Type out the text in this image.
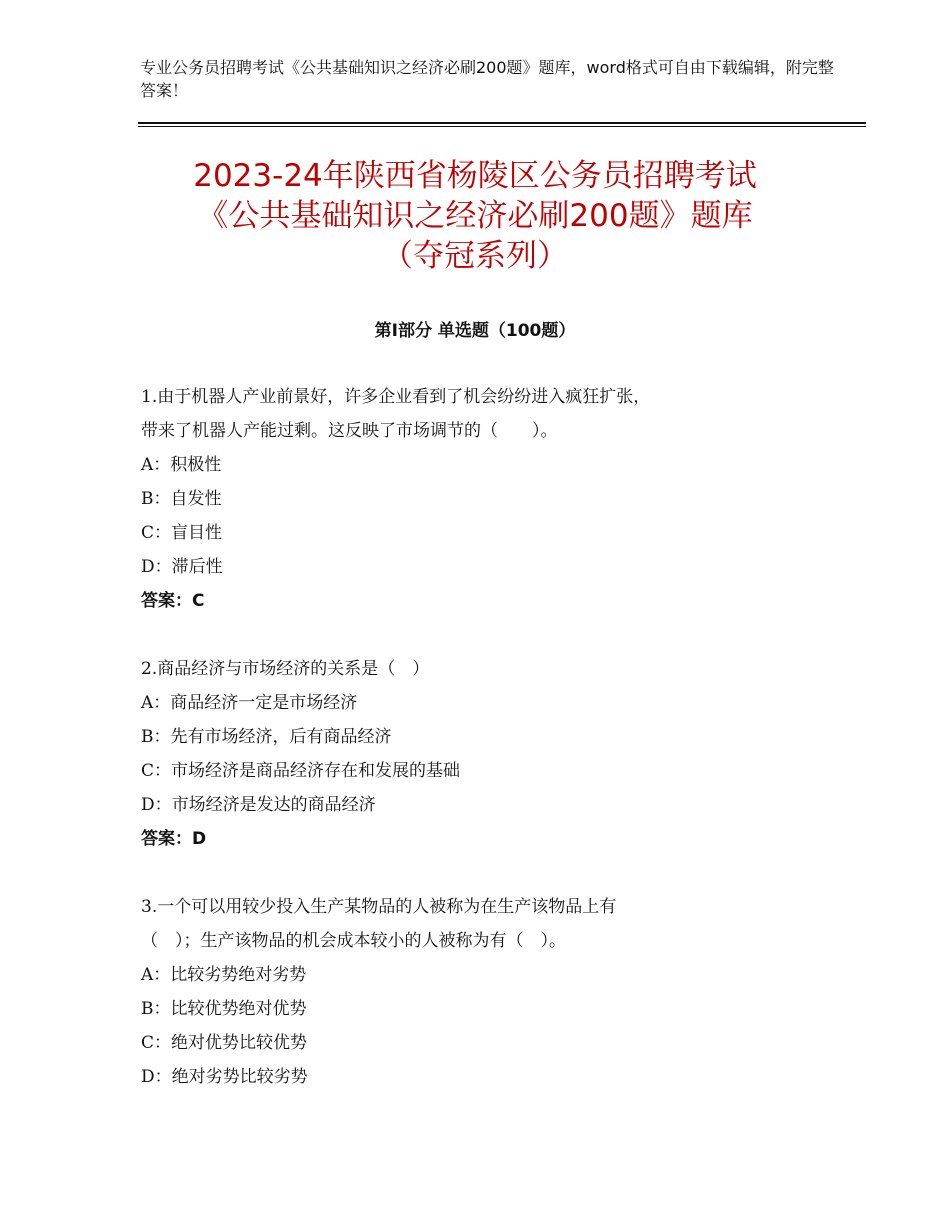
专业公务员招聘考试《公共基础知识之经济必刷200题》题库，word格式可自由下载编辑，附完整答案！
2023-24年陕西省杨陵区公务员招聘考试
《公共基础知识之经济必刷200题》题库
（夺冠系列）
第Ⅰ部分 单选题（100题）
1.由于机器人产业前景好，许多企业看到了机会纷纷进入疯狂扩张，
带来了机器人产能过剩。这反映了市场调节的（　　）。
A：积极性
B：自发性
C：盲目性
D：滞后性
答案：C
2.商品经济与市场经济的关系是（　）
A：商品经济一定是市场经济
B：先有市场经济，后有商品经济
C：市场经济是商品经济存在和发展的基础
D：市场经济是发达的商品经济
答案：D
3.一个可以用较少投入生产某物品的人被称为在生产该物品上有
（　）；生产该物品的机会成本较小的人被称为有（　）。
A：比较劣势绝对劣势
B：比较优势绝对优势
C：绝对优势比较优势
D：绝对劣势比较劣势
